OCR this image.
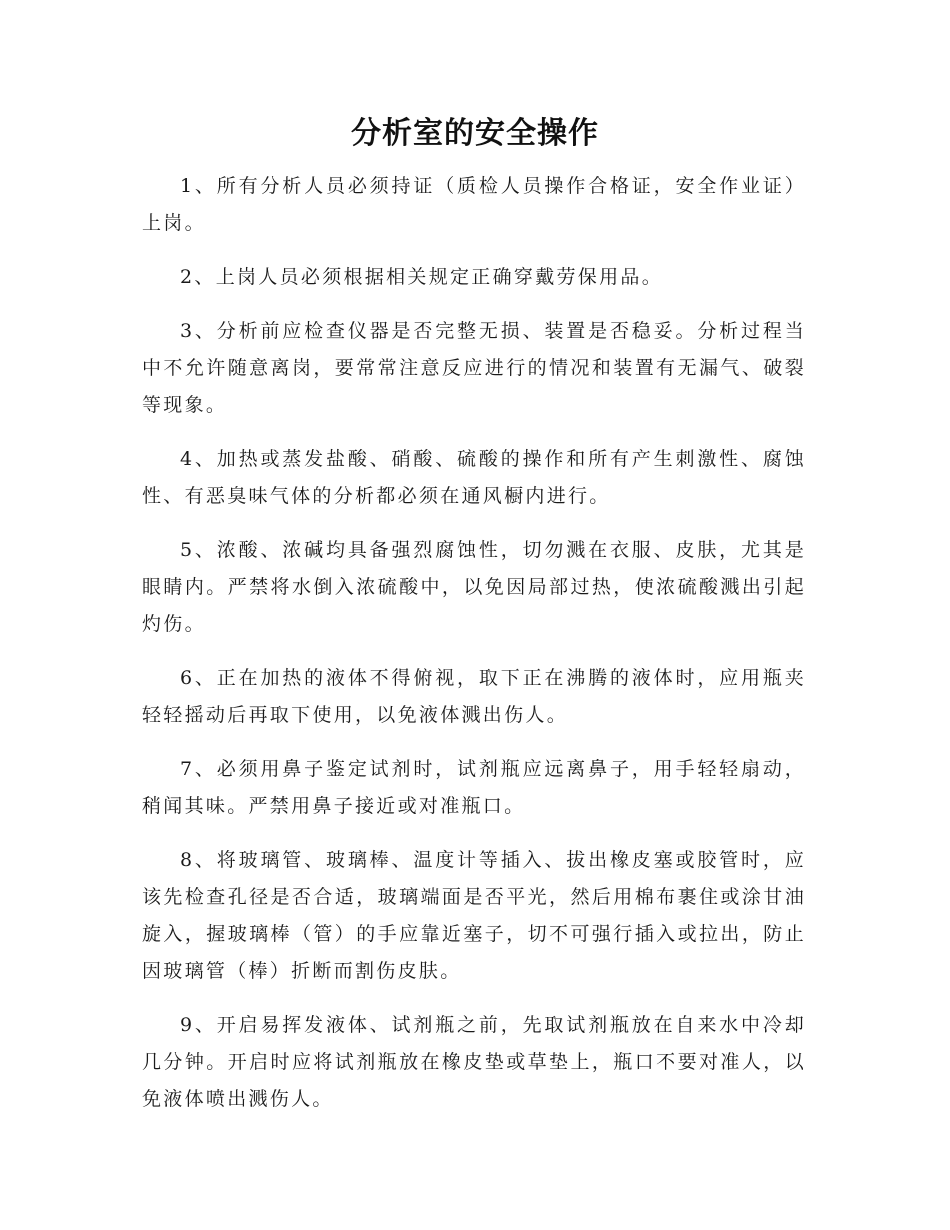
分析室的安全操作

1、所有分析人员必须持证（质检人员操作合格证，安全作业证）上岗。

2、上岗人员必须根据相关规定正确穿戴劳保用品。

3、分析前应检查仪器是否完整无损、装置是否稳妥。分析过程当中不允许随意离岗，要常常注意反应进行的情况和装置有无漏气、破裂等现象。

4、加热或蒸发盐酸、硝酸、硫酸的操作和所有产生刺激性、腐蚀性、有恶臭味气体的分析都必须在通风橱内进行。

5、浓酸、浓碱均具备强烈腐蚀性，切勿溅在衣服、皮肤，尤其是眼睛内。严禁将水倒入浓硫酸中，以免因局部过热，使浓硫酸溅出引起灼伤。

6、正在加热的液体不得俯视，取下正在沸腾的液体时，应用瓶夹轻轻摇动后再取下使用，以免液体溅出伤人。

7、必须用鼻子鉴定试剂时，试剂瓶应远离鼻子，用手轻轻扇动，稍闻其味。严禁用鼻子接近或对准瓶口。

8、将玻璃管、玻璃棒、温度计等插入、拔出橡皮塞或胶管时，应该先检查孔径是否合适，玻璃端面是否平光，然后用棉布裹住或涂甘油旋入，握玻璃棒（管）的手应靠近塞子，切不可强行插入或拉出，防止因玻璃管（棒）折断而割伤皮肤。

9、开启易挥发液体、试剂瓶之前，先取试剂瓶放在自来水中冷却几分钟。开启时应将试剂瓶放在橡皮垫或草垫上，瓶口不要对准人，以免液体喷出溅伤人。
